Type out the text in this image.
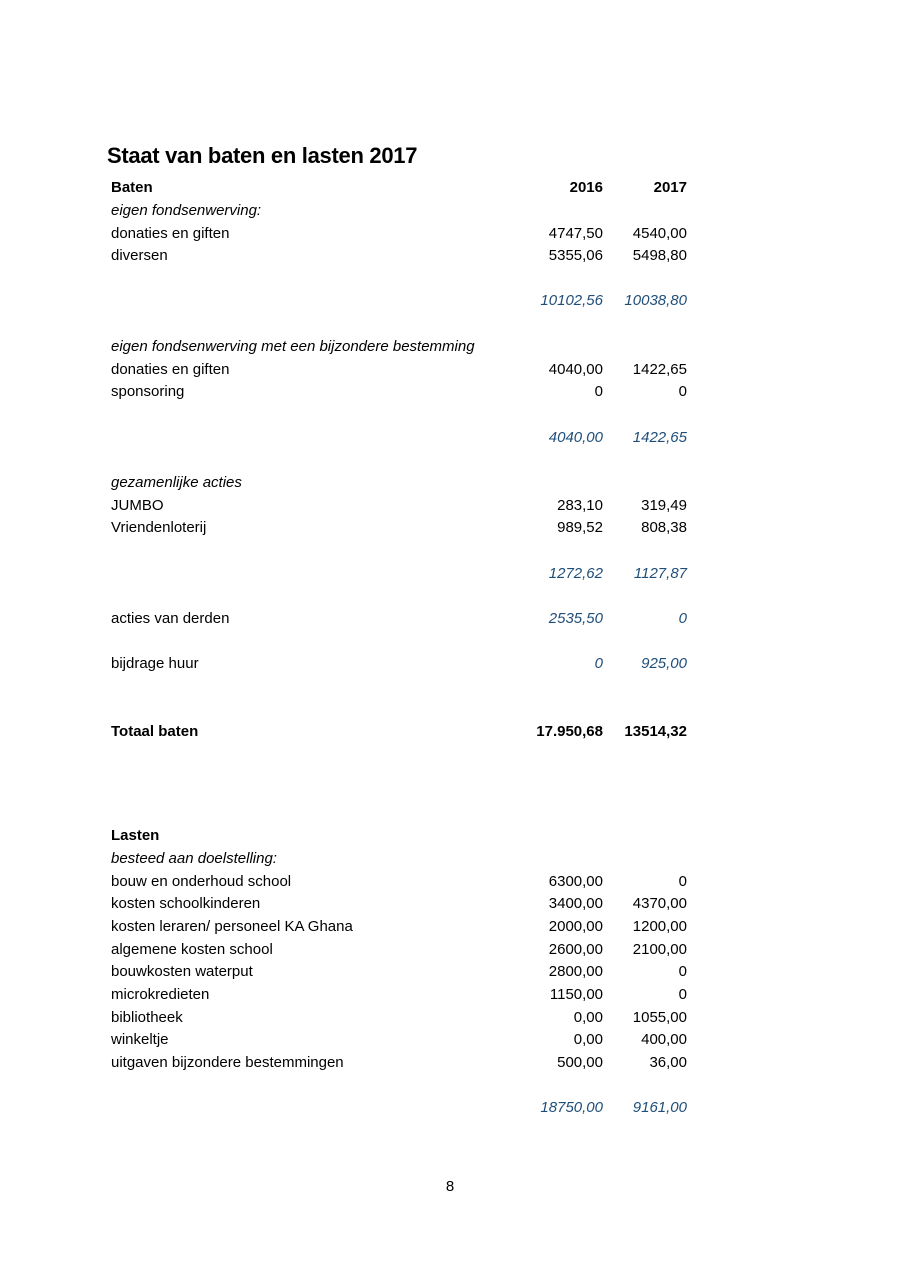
Staat van baten en lasten 2017
Baten	2016	2017
eigen fondsenwerving:
donaties en giften	4747,50	4540,00
diversen	5355,06	5498,80
10102,56	10038,80
eigen fondsenwerving met een bijzondere bestemming
donaties en giften	4040,00	1422,65
sponsoring	0	0
4040,00	1422,65
gezamenlijke acties
JUMBO	283,10	319,49
Vriendenloterij	989,52	808,38
1272,62	1127,87
acties van derden	2535,50	0
bijdrage huur	0	925,00
Totaal baten	17.950,68	13514,32
Lasten
besteed aan doelstelling:
bouw en onderhoud school	6300,00	0
kosten schoolkinderen	3400,00	4370,00
kosten leraren/ personeel KA Ghana	2000,00	1200,00
algemene kosten school	2600,00	2100,00
bouwkosten waterput	2800,00	0
microkredieten	1150,00	0
bibliotheek	0,00	1055,00
winkeltje	0,00	400,00
uitgaven bijzondere bestemmingen	500,00	36,00
18750,00	9161,00
8
